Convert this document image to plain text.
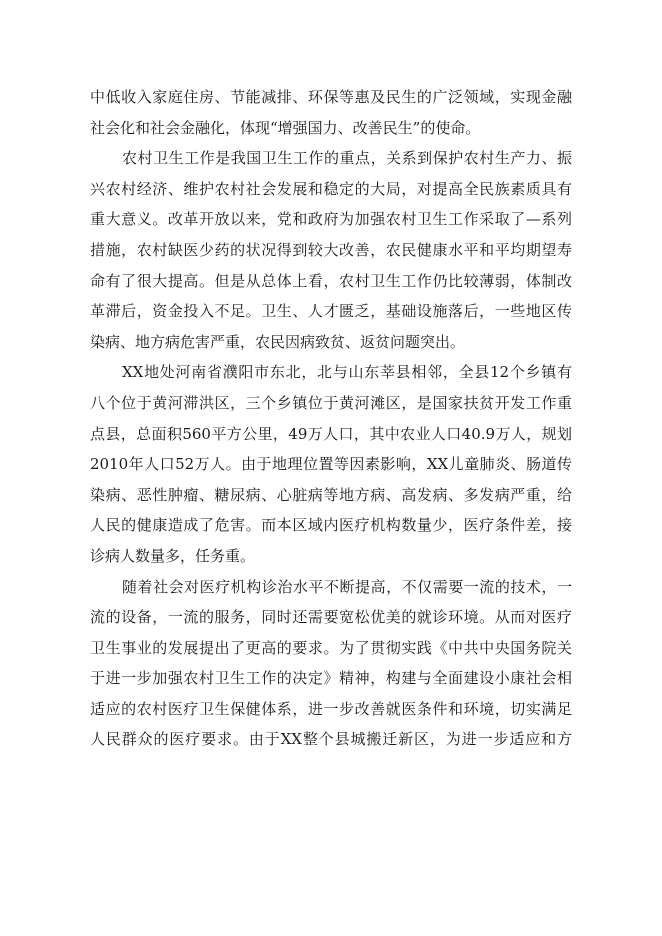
中低收入家庭住房、节能减排、环保等惠及民生的广泛领域，实现金融
社会化和社会金融化，体现“增强国力、改善民生”的使命。
农村卫生工作是我国卫生工作的重点，关系到保护农村生产力、振
兴农村经济、维护农村社会发展和稳定的大局，对提高全民族素质具有
重大意义。改革开放以来，党和政府为加强农村卫生工作采取了—系列
措施，农村缺医少药的状况得到较大改善，农民健康水平和平均期望寿
命有了很大提高。但是从总体上看，农村卫生工作仍比较薄弱，体制改
革滞后，资金投入不足。卫生、人才匮乏，基础设施落后，一些地区传
染病、地方病危害严重，农民因病致贫、返贫问题突出。
XX地处河南省濮阳市东北，北与山东莘县相邻，全县12个乡镇有
八个位于黄河滞洪区，三个乡镇位于黄河滩区，是国家扶贫开发工作重
点县，总面积560平方公里，49万人口，其中农业人口40.9万人，规划
2010年人口52万人。由于地理位置等因素影响，XX儿童肺炎、肠道传
染病、恶性肿瘤、糖尿病、心脏病等地方病、高发病、多发病严重，给
人民的健康造成了危害。而本区域内医疗机构数量少，医疗条件差，接
诊病人数量多，任务重。
随着社会对医疗机构诊治水平不断提高，不仅需要一流的技术，一
流的设备，一流的服务，同时还需要宽松优美的就诊环境。从而对医疗
卫生事业的发展提出了更高的要求。为了贯彻实践《中共中央国务院关
于进一步加强农村卫生工作的决定》精神，构建与全面建设小康社会相
适应的农村医疗卫生保健体系，进一步改善就医条件和环境，切实满足
人民群众的医疗要求。由于XX整个县城搬迁新区，为进一步适应和方
